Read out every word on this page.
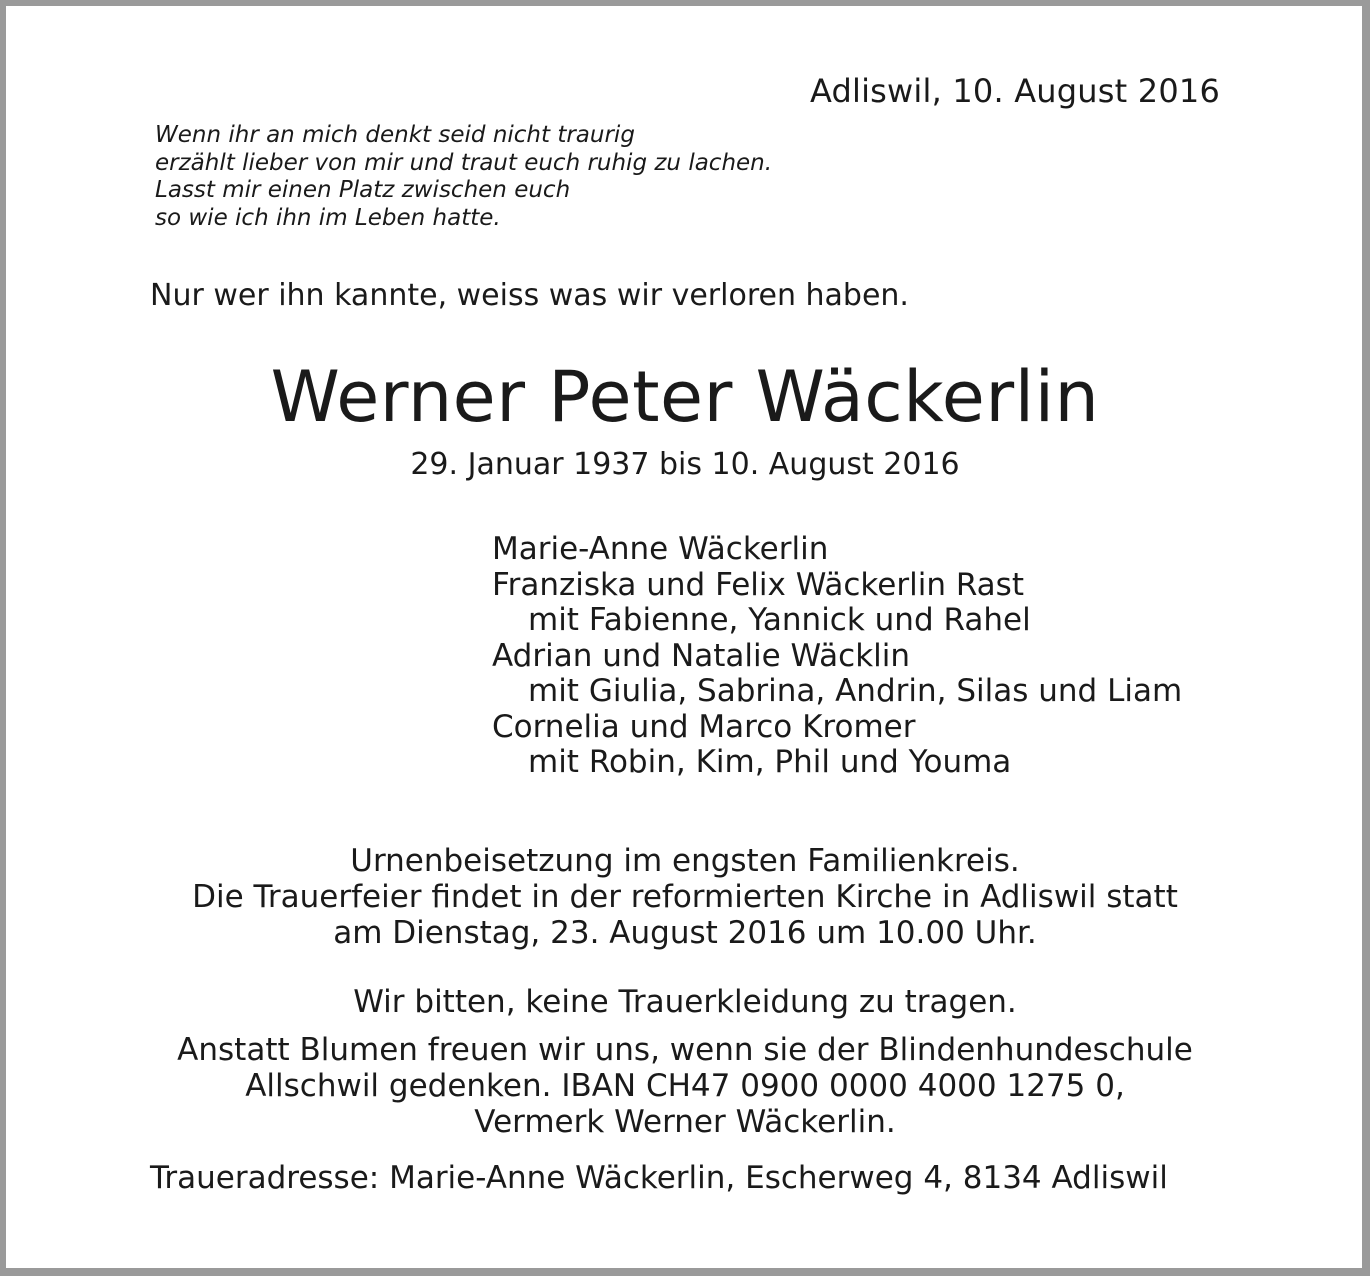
Adliswil, 10. August 2016
Wenn ihr an mich denkt seid nicht traurig
erzählt lieber von mir und traut euch ruhig zu lachen.
Lasst mir einen Platz zwischen euch
so wie ich ihn im Leben hatte.
Nur wer ihn kannte, weiss was wir verloren haben.
Werner Peter Wäckerlin
29. Januar 1937 bis 10. August 2016
Marie-Anne Wäckerlin
Franziska und Felix Wäckerlin Rast
mit Fabienne, Yannick und Rahel
Adrian und Natalie Wäcklin
mit Giulia, Sabrina, Andrin, Silas und Liam
Cornelia und Marco Kromer
mit Robin, Kim, Phil und Youma
Urnenbeisetzung im engsten Familienkreis.
Die Trauerfeier findet in der reformierten Kirche in Adliswil statt
am Dienstag, 23. August 2016 um 10.00 Uhr.
Wir bitten, keine Trauerkleidung zu tragen.
Anstatt Blumen freuen wir uns, wenn sie der Blindenhundeschule
Allschwil gedenken. IBAN CH47 0900 0000 4000 1275 0,
Vermerk Werner Wäckerlin.
Traueradresse: Marie-Anne Wäckerlin, Escherweg 4, 8134 Adliswil
